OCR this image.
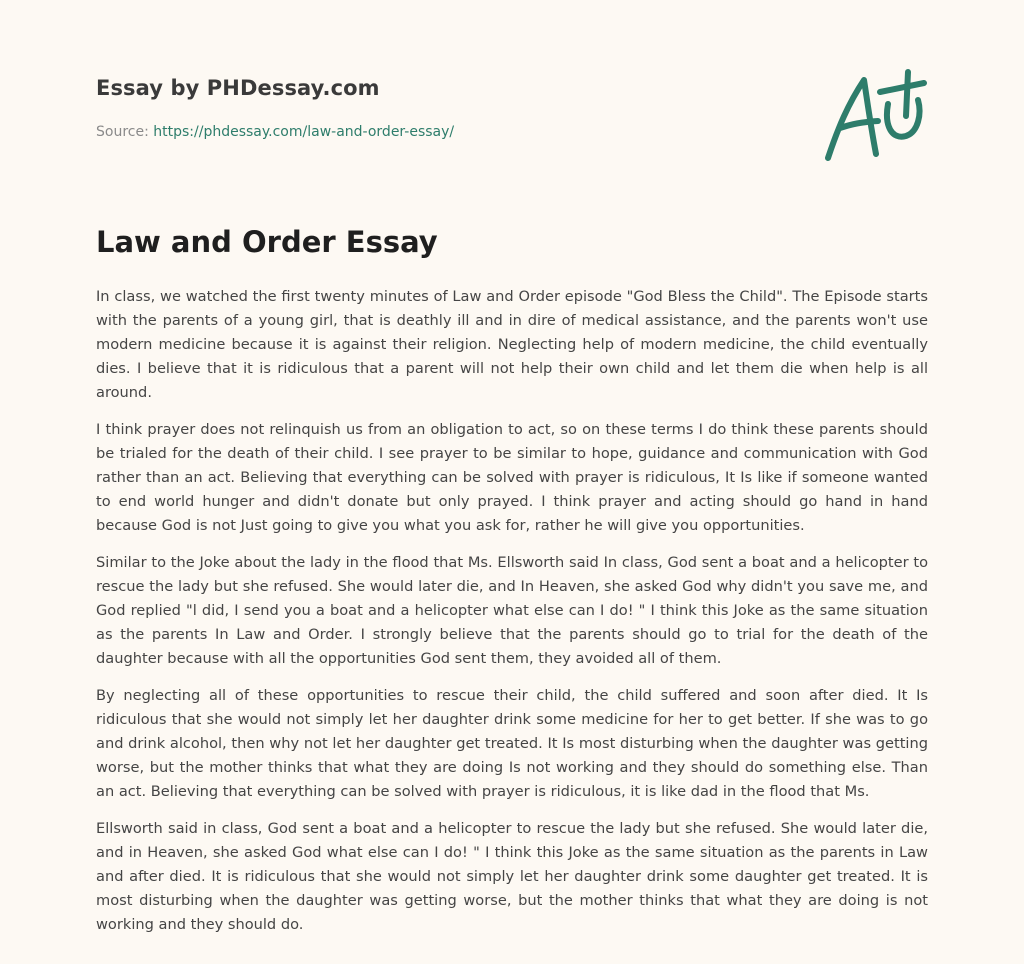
Essay by PHDessay.com
Source: https://phdessay.com/law-and-order-essay/
Law and Order Essay

In class, we watched the first twenty minutes of Law and Order episode "God Bless the Child". The Episode starts with the parents of a young girl, that is deathly ill and in dire of medical assistance, and the parents won't use modern medicine because it is against their religion. Neglecting help of modern medicine, the child eventually dies. I believe that it is ridiculous that a parent will not help their own child and let them die when help is all around.

I think prayer does not relinquish us from an obligation to act, so on these terms I do think these parents should be trialed for the death of their child. I see prayer to be similar to hope, guidance and communication with God rather than an act. Believing that everything can be solved with prayer is ridiculous, It Is like if someone wanted to end world hunger and didn't donate but only prayed. I think prayer and acting should go hand in hand because God is not Just going to give you what you ask for, rather he will give you opportunities.

Similar to the Joke about the lady in the flood that Ms. Ellsworth said In class, God sent a boat and a helicopter to rescue the lady but she refused. She would later die, and In Heaven, she asked God why didn't you save me, and God replied "l did, I send you a boat and a helicopter what else can I do! " I think this Joke as the same situation as the parents In Law and Order. I strongly believe that the parents should go to trial for the death of the daughter because with all the opportunities God sent them, they avoided all of them.

By neglecting all of these opportunities to rescue their child, the child suffered and soon after died. It Is ridiculous that she would not simply let her daughter drink some medicine for her to get better. If she was to go and drink alcohol, then why not let her daughter get treated. It Is most disturbing when the daughter was getting worse, but the mother thinks that what they are doing Is not working and they should do something else. Than an act. Believing that everything can be solved with prayer is ridiculous, it is like dad in the flood that Ms.

Ellsworth said in class, God sent a boat and a helicopter to rescue the lady but she refused. She would later die, and in Heaven, she asked God what else can I do! " I think this Joke as the same situation as the parents in Law and after died. It is ridiculous that she would not simply let her daughter drink some daughter get treated. It is most disturbing when the daughter was getting worse, but the mother thinks that what they are doing is not working and they should do.
